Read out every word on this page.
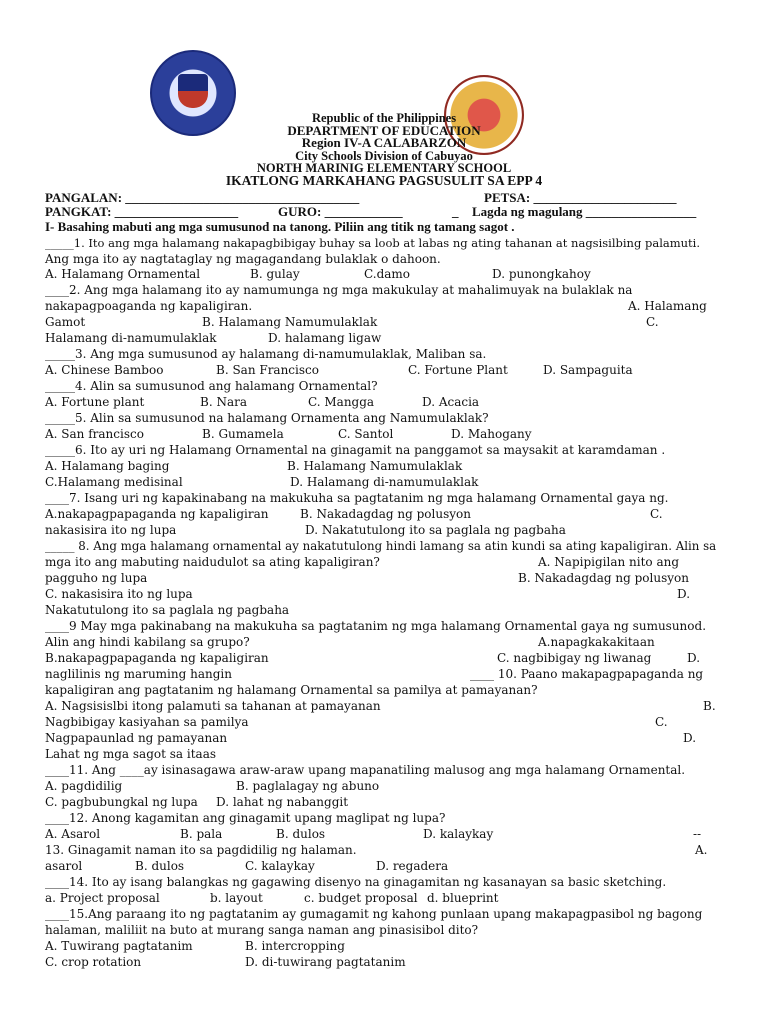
Republic of the Philippines
DEPARTMENT OF EDUCATION
Region IV-A CALABARZON
City Schools Division of Cabuyao
NORTH MARINIG ELEMENTARY SCHOOL
IKATLONG MARKAHANG PAGSUSULIT SA EPP 4
PANGALAN: ____________________________________	PETSA: ______________________
PANGKAT: ___________________	GURO: ____________	_ Lagda ng magulang _________________
I- Basahing mabuti ang mga sumusunod na tanong. Piliin ang titik ng tamang sagot .
_____1. Ito ang mga halamang nakapagbibigay buhay sa loob at labas ng ating tahanan at nagsisilbing palamuti.
Ang mga ito ay nagtataglay ng magagandang bulaklak o dahoon.
A. Halamang Ornamental	B. gulay	C.damo	D. punongkahoy
____2. Ang mga halamang ito ay namumunga ng mga makukulay at mahalimuyak na bulaklak na
nakapagpoaganda ng kapaligiran.	A. Halamang
Gamot	B. Halamang Namumulaklak	C.
Halamang di-namumulaklak	D. halamang ligaw
_____3. Ang mga sumusunod ay halamang di-namumulaklak, Maliban sa.
A. Chinese Bamboo	B. San Francisco	C. Fortune Plant	D. Sampaguita
_____4. Alin sa sumusunod ang halamang Ornamental?
A. Fortune plant	B. Nara	C. Mangga	D. Acacia
_____5. Alin sa sumusunod na halamang Ornamenta ang Namumulaklak?
A. San francisco	B. Gumamela	C. Santol	D. Mahogany
_____6. Ito ay uri ng Halamang Ornamental na ginagamit na panggamot sa maysakit at karamdaman .
A. Halamang baging	B. Halamang Namumulaklak
C.Halamang medisinal	D. Halamang di-namumulaklak
____7. Isang uri ng kapakinabang na makukuha sa pagtatanim ng mga halamang Ornamental gaya ng.
A.nakapagpapaganda ng kapaligiran	B. Nakadagdag ng polusyon	C.
nakasisira ito ng lupa	D. Nakatutulong ito sa paglala ng pagbaha
_____ 8. Ang mga halamang ornamental ay nakatutulong hindi lamang sa atin kundi sa ating kapaligiran. Alin sa
mga ito ang mabuting naidudulot sa ating kapaligiran?	A. Napipigilan nito ang
pagguho ng lupa	B. Nakadagdag ng polusyon
C. nakasisira ito ng lupa	D.
Nakatutulong ito sa paglala ng pagbaha
____9 May mga pakinabang na makukuha sa pagtatanim ng mga halamang Ornamental gaya ng sumusunod.
Alin ang hindi kabilang sa grupo?	A.napagkakakitaan
B.nakapagpapaganda ng kapaligiran	C. nagbibigay ng liwanag	D.
naglilinis ng maruming hangin	____ 10. Paano makapagpapaganda ng
kapaligiran ang pagtatanim ng halamang Ornamental sa pamilya at pamayanan?
A. Nagsisislbi itong palamuti sa tahanan at pamayanan	B.
Nagbibigay kasiyahan sa pamilya	C.
Nagpapaunlad ng pamayanan	D.
Lahat ng mga sagot sa itaas
____11. Ang ____ay isinasagawa araw-araw upang mapanatiling malusog ang mga halamang Ornamental.
A. pagdidilig	B. paglalagay ng abuno
C. pagbubungkal ng lupa D. lahat ng nabanggit
____12. Anong kagamitan ang ginagamit upang maglipat ng lupa?
A. Asarol	B. pala	B. dulos	D. kalaykay	--
13. Ginagamit naman ito sa pagdidilig ng halaman.	A.
asarol	B. dulos	C. kalaykay	D. regadera
____14. Ito ay isang balangkas ng gagawing disenyo na ginagamitan ng kasanayan sa basic sketching.
a. Project proposal	b. layout	c. budget proposal d. blueprint
____15.Ang paraang ito ng pagtatanim ay gumagamit ng kahong punlaan upang makapagpasibol ng bagong
halaman, maliliit na buto at murang sanga naman ang pinasisibol dito?
A. Tuwirang pagtatanim	B. intercropping
C. crop rotation	D. di-tuwirang pagtatanim
